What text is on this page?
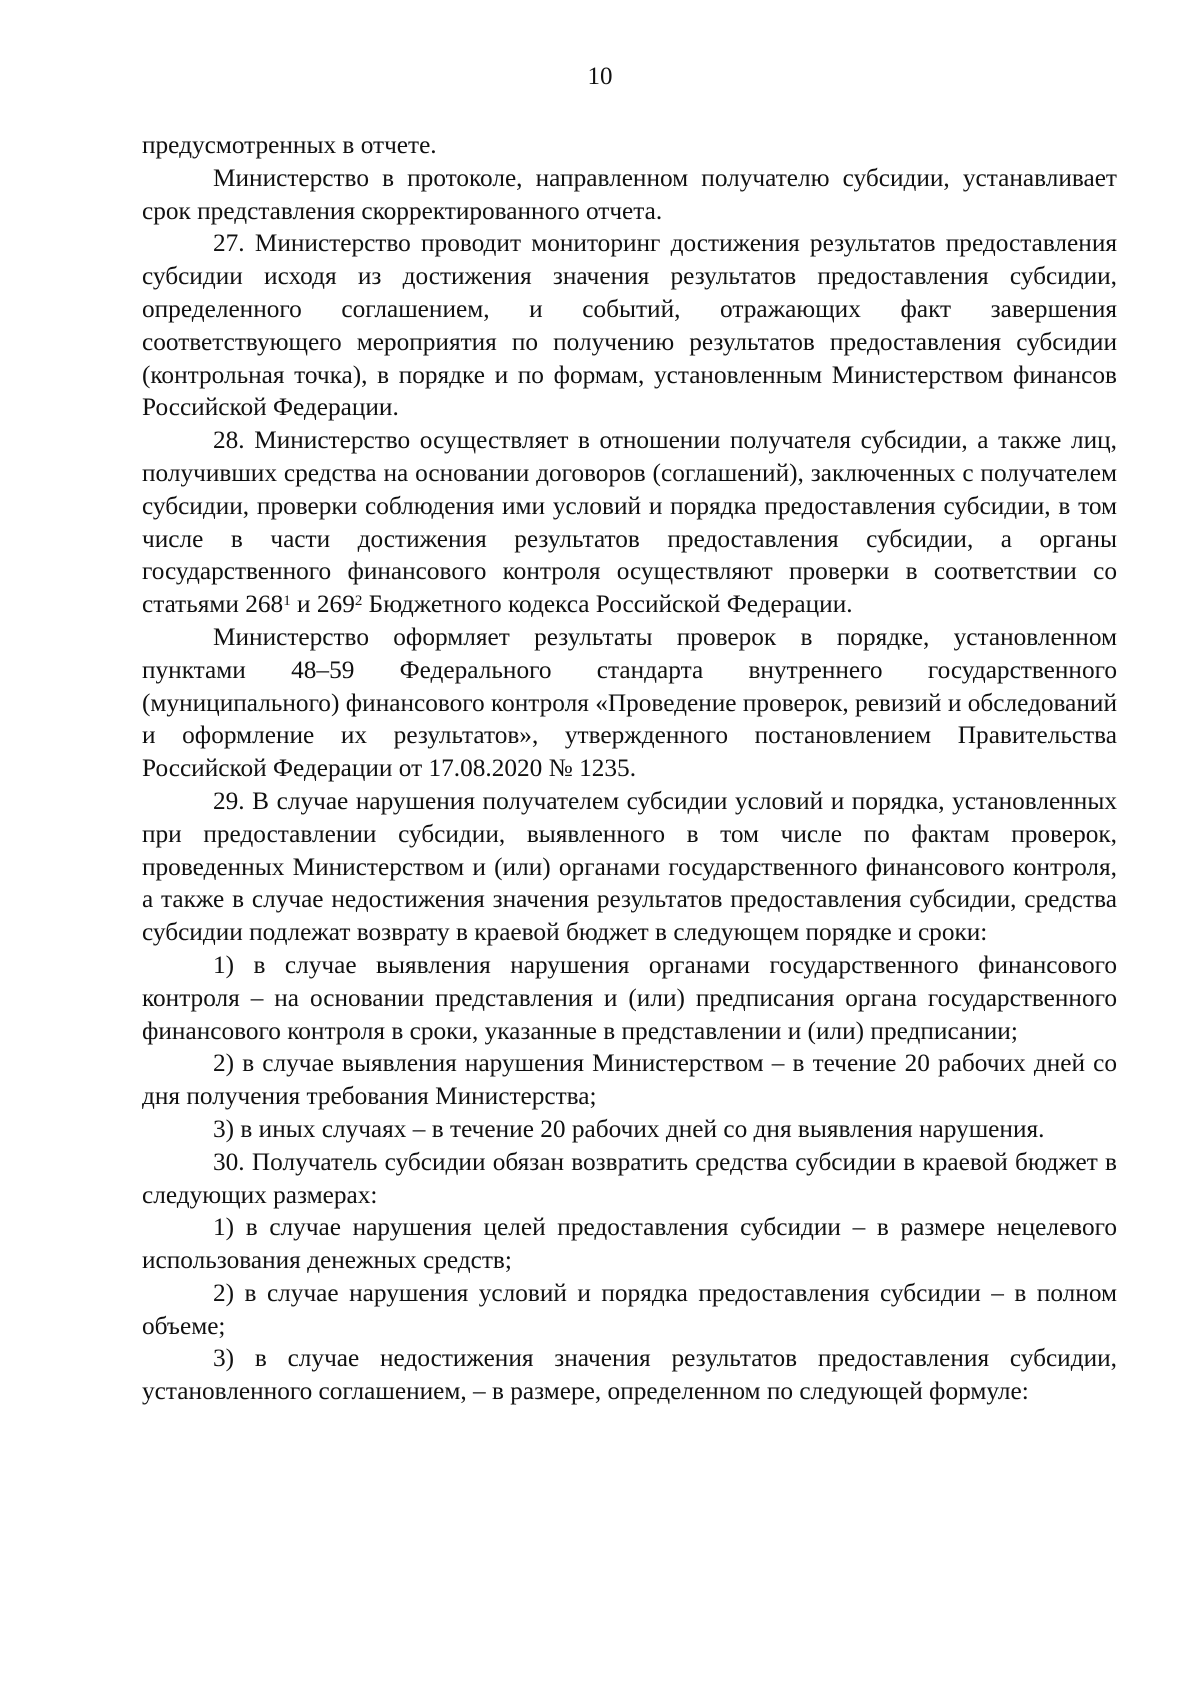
10

предусмотренных в отчете.

Министерство в протоколе, направленном получателю субсидии, устанавливает срок представления скорректированного отчета.

27. Министерство проводит мониторинг достижения результатов предоставления субсидии исходя из достижения значения результатов предоставления субсидии, определенного соглашением, и событий, отражающих факт завершения соответствующего мероприятия по получению результатов предоставления субсидии (контрольная точка), в порядке и по формам, установленным Министерством финансов Российской Федерации.

28. Министерство осуществляет в отношении получателя субсидии, а также лиц, получивших средства на основании договоров (соглашений), заключенных с получателем субсидии, проверки соблюдения ими условий и порядка предоставления субсидии, в том числе в части достижения результатов предоставления субсидии, а органы государственного финансового контроля осуществляют проверки в соответствии со статьями $268^1$ и $269^2$ Бюджетного кодекса Российской Федерации.

Министерство оформляет результаты проверок в порядке, установленном пунктами 48–59 Федерального стандарта внутреннего государственного (муниципального) финансового контроля «Проведение проверок, ревизий и обследований и оформление их результатов», утвержденного постановлением Правительства Российской Федерации от 17.08.2020 № 1235.

29. В случае нарушения получателем субсидии условий и порядка, установленных при предоставлении субсидии, выявленного в том числе по фактам проверок, проведенных Министерством и (или) органами государственного финансового контроля, а также в случае недостижения значения результатов предоставления субсидии, средства субсидии подлежат возврату в краевой бюджет в следующем порядке и сроки:

1) в случае выявления нарушения органами государственного финансового контроля – на основании представления и (или) предписания органа государственного финансового контроля в сроки, указанные в представлении и (или) предписании;

2) в случае выявления нарушения Министерством – в течение 20 рабочих дней со дня получения требования Министерства;

3) в иных случаях – в течение 20 рабочих дней со дня выявления нарушения.

30. Получатель субсидии обязан возвратить средства субсидии в краевой бюджет в следующих размерах:

1) в случае нарушения целей предоставления субсидии – в размере нецелевого использования денежных средств;

2) в случае нарушения условий и порядка предоставления субсидии – в полном объеме;

3) в случае недостижения значения результатов предоставления субсидии, установленного соглашением, – в размере, определенном по следующей формуле:
